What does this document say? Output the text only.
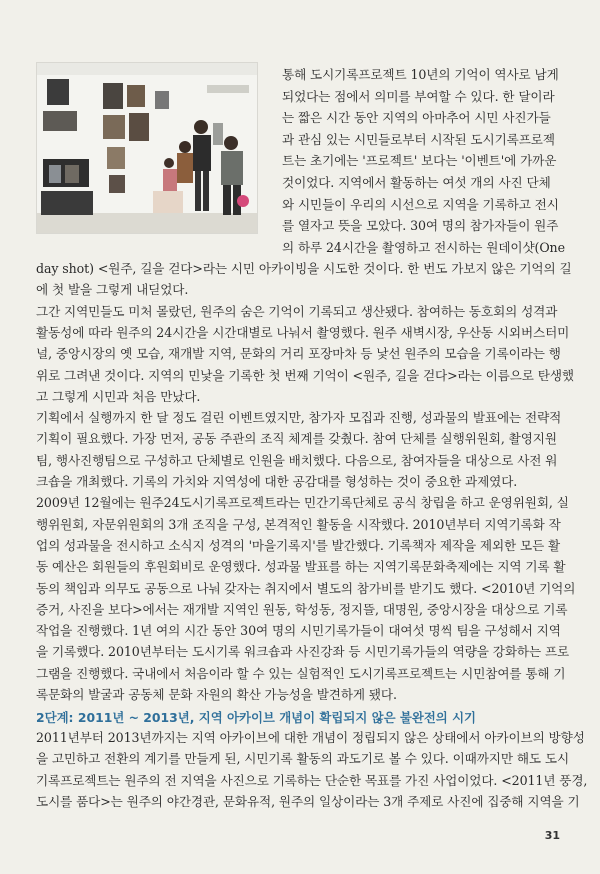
통해 도시기록프로젝트 10년의 기억이 역사로 남게
되었다는 점에서 의미를 부여할 수 있다. 한 달이라
는 짧은 시간 동안 지역의 아마추어 시민 사진가들
과 관심 있는 시민들로부터 시작된 도시기록프로젝
트는 초기에는 '프로젝트' 보다는 '이벤트'에 가까운
것이었다. 지역에서 활동하는 여섯 개의 사진 단체
와 시민들이 우리의 시선으로 지역을 기록하고 전시
를 열자고 뜻을 모았다. 30여 명의 참가자들이 원주
의 하루 24시간을 촬영하고 전시하는 원데이샷(One
day shot) <원주, 길을 걷다>라는 시민 아카이빙을 시도한 것이다. 한 번도 가보지 않은 기억의 길
에 첫 발을 그렇게 내딛었다.
그간 지역민들도 미처 몰랐던, 원주의 숨은 기억이 기록되고 생산됐다. 참여하는 동호회의 성격과
활동성에 따라 원주의 24시간을 시간대별로 나눠서 촬영했다. 원주 새벽시장, 우산동 시외버스터미
널, 중앙시장의 옛 모습, 재개발 지역, 문화의 거리 포장마차 등 낯선 원주의 모습을 기록이라는 행
위로 그려낸 것이다. 지역의 민낯을 기록한 첫 번째 기억이 <원주, 길을 걷다>라는 이름으로 탄생했
고 그렇게 시민과 처음 만났다.
기획에서 실행까지 한 달 정도 걸린 이벤트였지만, 참가자 모집과 진행, 성과물의 발표에는 전략적
기획이 필요했다. 가장 먼저, 공동 주관의 조직 체계를 갖췄다. 참여 단체를 실행위원회, 촬영지원
팀, 행사진행팀으로 구성하고 단체별로 인원을 배치했다. 다음으로, 참여자들을 대상으로 사전 워
크숍을 개최했다. 기록의 가치와 지역성에 대한 공감대를 형성하는 것이 중요한 과제였다.
2009년 12월에는 원주24도시기록프로젝트라는 민간기록단체로 공식 창립을 하고 운영위원회, 실
행위원회, 자문위원회의 3개 조직을 구성, 본격적인 활동을 시작했다. 2010년부터 지역기록화 작
업의 성과물을 전시하고 소식지 성격의 '마을기록지'를 발간했다. 기록책자 제작을 제외한 모든 활
동 예산은 회원들의 후원회비로 운영했다. 성과물 발표를 하는 지역기록문화축제에는 지역 기록 활
동의 책임과 의무도 공동으로 나눠 갖자는 취지에서 별도의 참가비를 받기도 했다. <2010년 기억의
증거, 사진을 보다>에서는 재개발 지역인 원동, 학성동, 정지뜰, 대명원, 중앙시장을 대상으로 기록
작업을 진행했다. 1년 여의 시간 동안 30여 명의 시민기록가들이 대여섯 명씩 팀을 구성해서 지역
을 기록했다. 2010년부터는 도시기록 워크숍과 사진강좌 등 시민기록가들의 역량을 강화하는 프로
그램을 진행했다. 국내에서 처음이라 할 수 있는 실험적인 도시기록프로젝트는 시민참여를 통해 기
록문화의 발굴과 공동체 문화 자원의 확산 가능성을 발견하게 됐다.
2단계: 2011년 ~ 2013년, 지역 아카이브 개념이 확립되지 않은 불완전의 시기
2011년부터 2013년까지는 지역 아카이브에 대한 개념이 정립되지 않은 상태에서 아카이브의 방향성
을 고민하고 전환의 계기를 만들게 된, 시민기록 활동의 과도기로 볼 수 있다. 이때까지만 해도 도시
기록프로젝트는 원주의 전 지역을 사진으로 기록하는 단순한 목표를 가진 사업이었다. <2011년 풍경,
도시를 품다>는 원주의 야간경관, 문화유적, 원주의 일상이라는 3개 주제로 사진에 집중해 지역을 기
31
